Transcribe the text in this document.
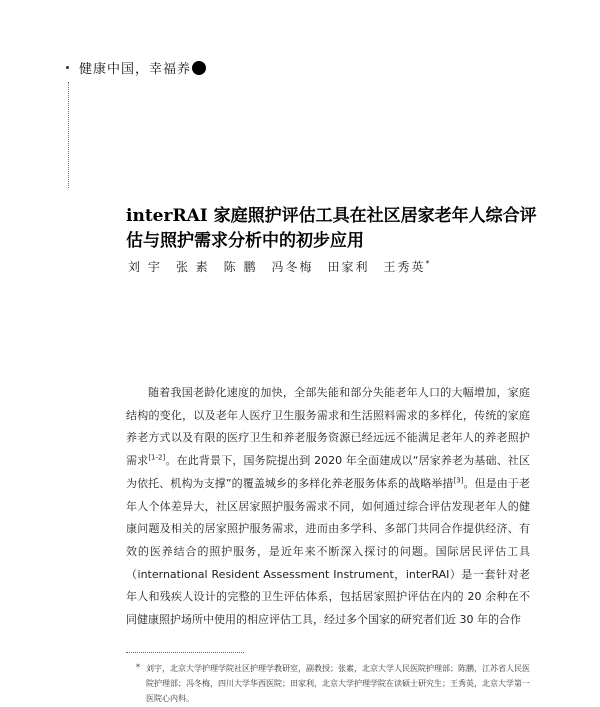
健康中国，幸福养
interRAI 家庭照护评估工具在社区居家老年人综合评估与照护需求分析中的初步应用
刘 宇　张 素　陈 鹏　冯冬梅　田家利　王秀英*

随着我国老龄化速度的加快，全部失能和部分失能老年人口的大幅增加，家庭结构的变化，以及老年人医疗卫生服务需求和生活照料需求的多样化，传统的家庭养老方式以及有限的医疗卫生和养老服务资源已经远远不能满足老年人的养老照护需求[1-2]。在此背景下，国务院提出到 2020 年全面建成以“居家养老为基础、社区为依托、机构为支撑”的覆盖城乡的多样化养老服务体系的战略举措[3]。但是由于老年人个体差异大，社区居家照护服务需求不同，如何通过综合评估发现老年人的健康问题及相关的居家照护服务需求，进而由多学科、多部门共同合作提供经济、有效的医养结合的照护服务，是近年来不断深入探讨的问题。国际居民评估工具（international Resident Assessment Instrument，interRAI）是一套针对老年人和残疾人设计的完整的卫生评估体系，包括居家照护评估在内的 20 余种在不同健康照护场所中使用的相应评估工具，经过多个国家的研究者们近 30 年的合作

* 刘宇，北京大学护理学院社区护理学教研室，副教授；张素，北京大学人民医院护理部；陈鹏，江苏省人民医院护理部；冯冬梅，四川大学华西医院；田家利，北京大学护理学院在读硕士研究生；王秀英，北京大学第一医院心内科。
